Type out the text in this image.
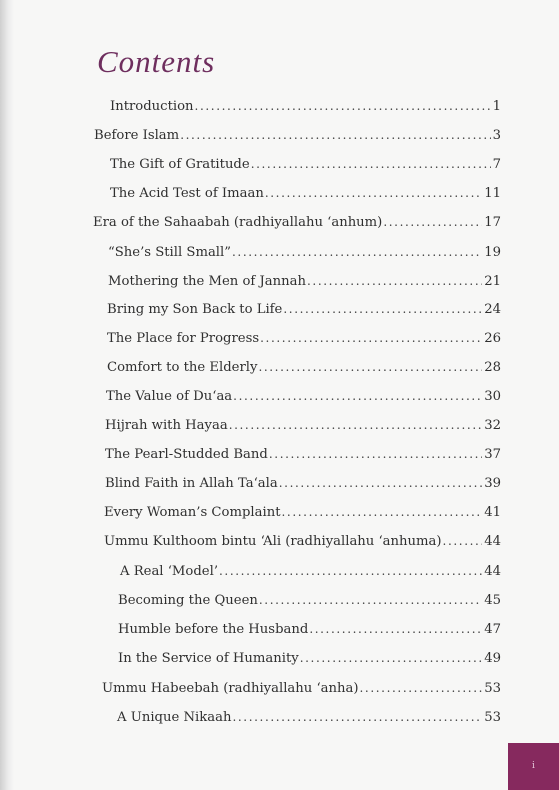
Contents
Introduction .....	1
Before Islam .....	3
The Gift of Gratitude .....	7
The Acid Test of Imaan .....	11
Era of the Sahaabah (radhiyallahu ‘anhum) .....	17
“She’s Still Small” .....	19
Mothering the Men of Jannah .....	21
Bring my Son Back to Life .....	24
The Place for Progress .....	26
Comfort to the Elderly .....	28
The Value of Du‘aa .....	30
Hijrah with Hayaa .....	32
The Pearl-Studded Band .....	37
Blind Faith in Allah Ta‘ala .....	39
Every Woman’s Complaint .....	41
Ummu Kulthoom bintu ‘Ali (radhiyallahu ‘anhuma) .....	44
A Real ‘Model’ .....	44
Becoming the Queen .....	45
Humble before the Husband .....	47
In the Service of Humanity .....	49
Ummu Habeebah (radhiyallahu ‘anha) .....	53
A Unique Nikaah .....	53
i
